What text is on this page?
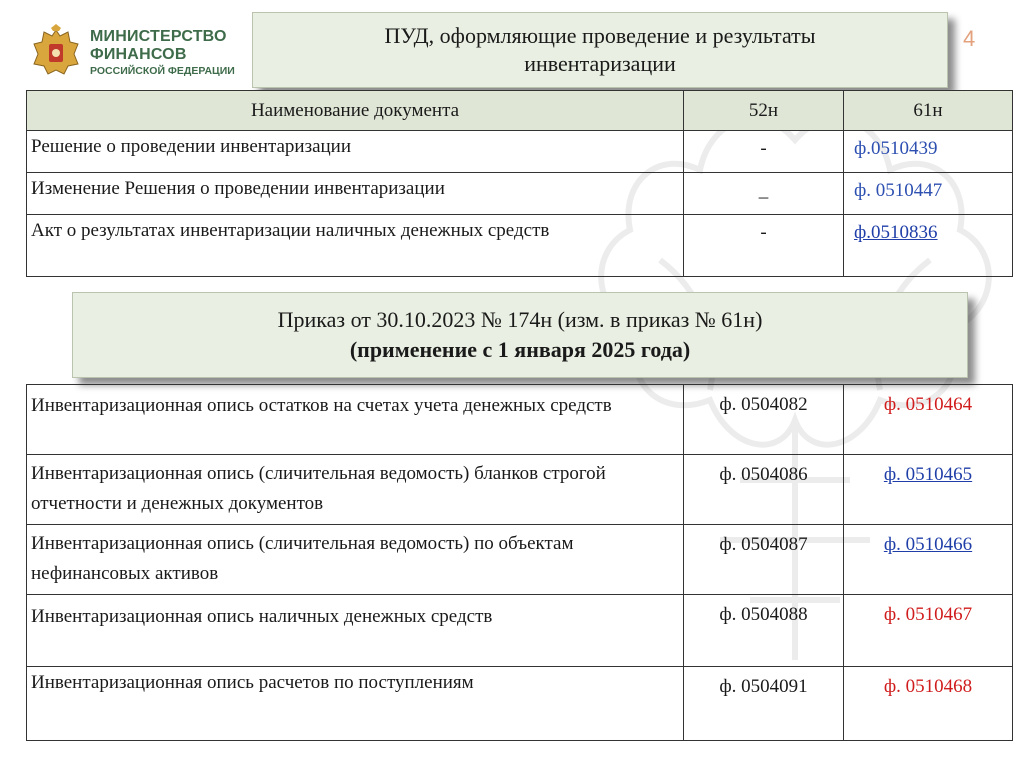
МИНИСТЕРСТВО
ФИНАНСОВ
РОССИЙСКОЙ ФЕДЕРАЦИИ
ПУД, оформляющие проведение и результаты
инвентаризации
4
Наименование документа	52н	61н
Решение о проведении инвентаризации	-	ф.0510439
Изменение Решения о проведении инвентаризации	_	ф. 0510447
Акт о результатах инвентаризации наличных денежных средств	-	ф.0510836
Приказ от 30.10.2023 № 174н (изм. в приказ № 61н)
(применение с 1 января 2025 года)
Инвентаризационная опись остатков на счетах учета денежных средств	ф. 0504082	ф. 0510464
Инвентаризационная опись (сличительная ведомость) бланков строгой отчетности и денежных документов	ф. 0504086	ф. 0510465
Инвентаризационная опись (сличительная ведомость) по объектам нефинансовых активов	ф. 0504087	ф. 0510466
Инвентаризационная опись наличных денежных средств	ф. 0504088	ф. 0510467
Инвентаризационная опись расчетов по поступлениям	ф. 0504091	ф. 0510468
